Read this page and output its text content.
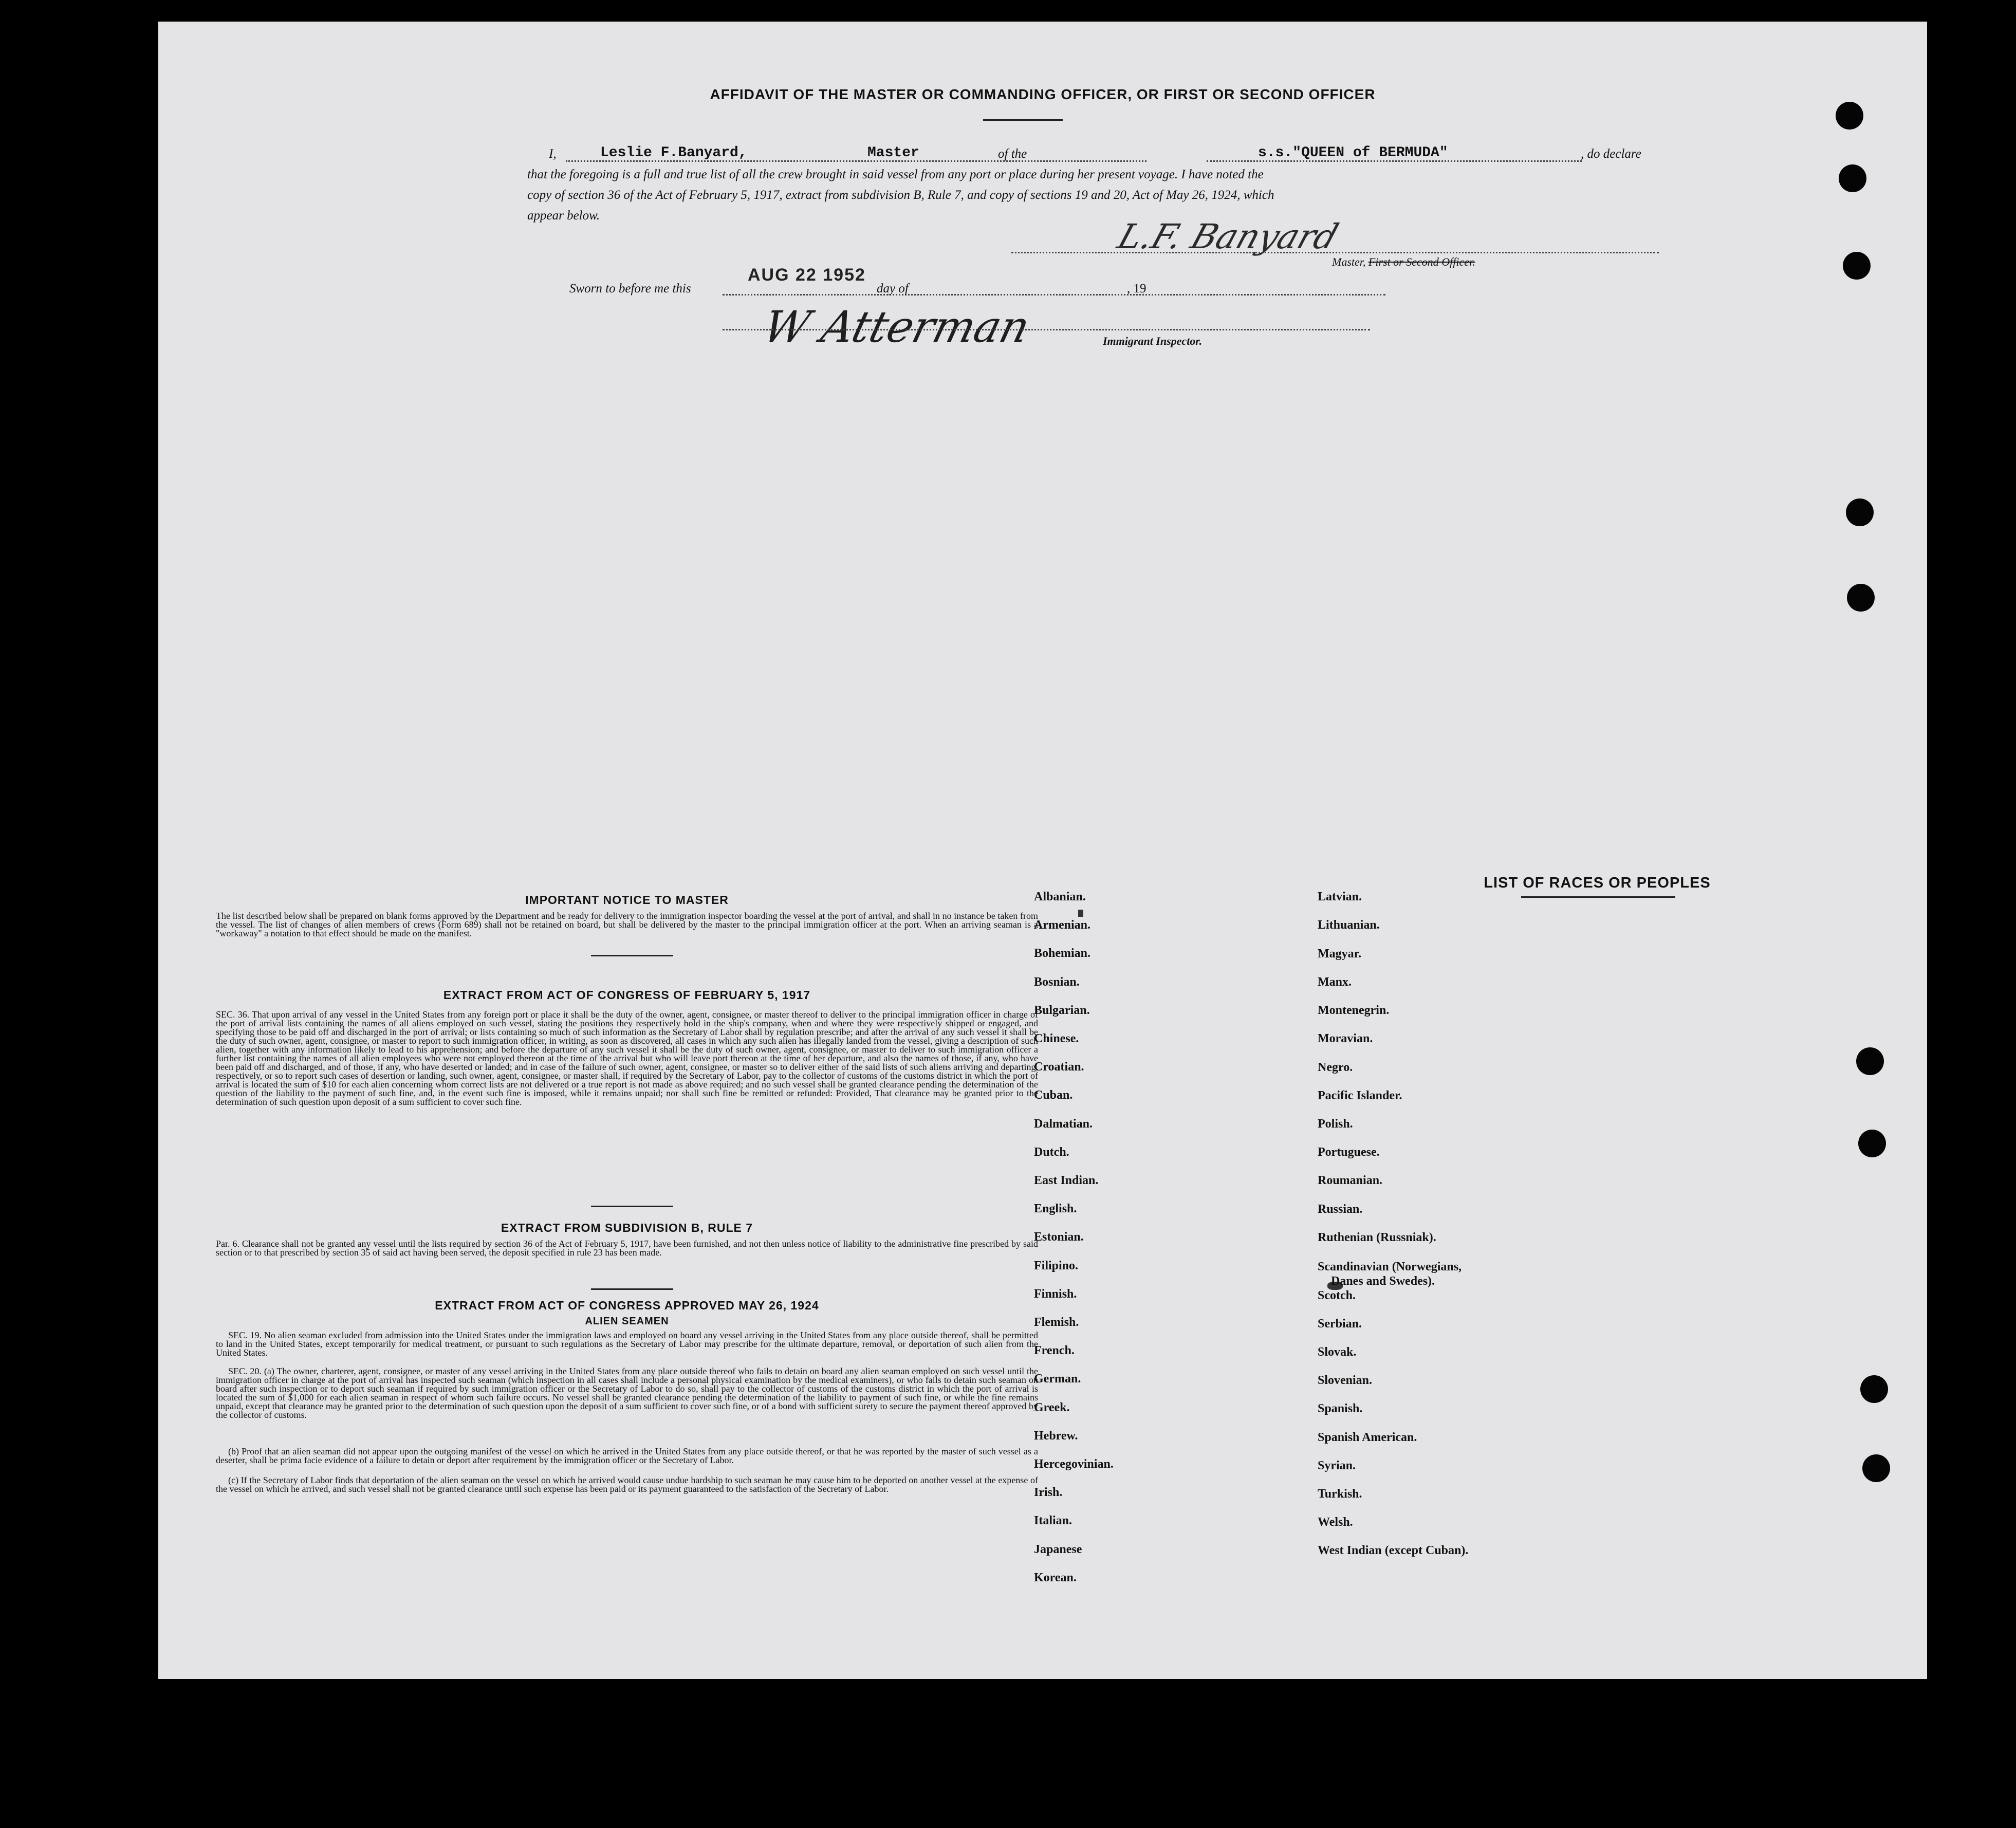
AFFIDAVIT OF THE MASTER OR COMMANDING OFFICER, OR FIRST OR SECOND OFFICER
I,	Leslie F.Banyard,	Master	of the	s.s."QUEEN of BERMUDA"	, do declare
that the foregoing is a full and true list of all the crew brought in said vessel from any port or place during her present voyage. I have noted the
copy of section 36 of the Act of February 5, 1917, extract from subdivision B, Rule 7, and copy of sections 19 and 20, Act of May 26, 1924, which
appear below.
L.F. Banyard
Master, First or Second Officer.
Sworn to before me this
AUG 22 1952
day of	, 19
W Atterman	Immigrant Inspector.
IMPORTANT NOTICE TO MASTER
The list described below shall be prepared on blank forms approved by the Department and be ready for delivery to the immigration inspector boarding the vessel at the port of arrival, and shall in no instance be taken from the vessel. The list of changes of alien members of crews (Form 689) shall not be retained on board, but shall be delivered by the master to the principal immigration officer at the port. When an arriving seaman is a "workaway" a notation to that effect should be made on the manifest.
EXTRACT FROM ACT OF CONGRESS OF FEBRUARY 5, 1917
SEC. 36. That upon arrival of any vessel in the United States from any foreign port or place it shall be the duty of the owner, agent, consignee, or master thereof to deliver to the principal immigration officer in charge of the port of arrival lists containing the names of all aliens employed on such vessel, stating the positions they respectively hold in the ship's company, when and where they were respectively shipped or engaged, and specifying those to be paid off and discharged in the port of arrival; or lists containing so much of such information as the Secretary of Labor shall by regulation prescribe; and after the arrival of any such vessel it shall be the duty of such owner, agent, consignee, or master to report to such immigration officer, in writing, as soon as discovered, all cases in which any such alien has illegally landed from the vessel, giving a description of such alien, together with any information likely to lead to his apprehension; and before the departure of any such vessel it shall be the duty of such owner, agent, consignee, or master to deliver to such immigration officer a further list containing the names of all alien employees who were not employed thereon at the time of the arrival but who will leave port thereon at the time of her departure, and also the names of those, if any, who have been paid off and discharged, and of those, if any, who have deserted or landed; and in case of the failure of such owner, agent, consignee, or master so to deliver either of the said lists of such aliens arriving and departing, respectively, or so to report such cases of desertion or landing, such owner, agent, consignee, or master shall, if required by the Secretary of Labor, pay to the collector of customs of the customs district in which the port of arrival is located the sum of $10 for each alien concerning whom correct lists are not delivered or a true report is not made as above required; and no such vessel shall be granted clearance pending the determination of the question of the liability to the payment of such fine, and, in the event such fine is imposed, while it remains unpaid; nor shall such fine be remitted or refunded: Provided, That clearance may be granted prior to the determination of such question upon deposit of a sum sufficient to cover such fine.
EXTRACT FROM SUBDIVISION B, RULE 7
Par. 6. Clearance shall not be granted any vessel until the lists required by section 36 of the Act of February 5, 1917, have been furnished, and not then unless notice of liability to the administrative fine prescribed by said section or to that prescribed by section 35 of said act having been served, the deposit specified in rule 23 has been made.
EXTRACT FROM ACT OF CONGRESS APPROVED MAY 26, 1924
ALIEN SEAMEN
SEC. 19. No alien seaman excluded from admission into the United States under the immigration laws and employed on board any vessel arriving in the United States from any place outside thereof, shall be permitted to land in the United States, except temporarily for medical treatment, or pursuant to such regulations as the Secretary of Labor may prescribe for the ultimate departure, removal, or deportation of such alien from the United States.
SEC. 20. (a) The owner, charterer, agent, consignee, or master of any vessel arriving in the United States from any place outside thereof who fails to detain on board any alien seaman employed on such vessel until the immigration officer in charge at the port of arrival has inspected such seaman (which inspection in all cases shall include a personal physical examination by the medical examiners), or who fails to detain such seaman on board after such inspection or to deport such seaman if required by such immigration officer or the Secretary of Labor to do so, shall pay to the collector of customs of the customs district in which the port of arrival is located the sum of $1,000 for each alien seaman in respect of whom such failure occurs. No vessel shall be granted clearance pending the determination of the liability to payment of such fine, or while the fine remains unpaid, except that clearance may be granted prior to the determination of such question upon the deposit of a sum sufficient to cover such fine, or of a bond with sufficient surety to secure the payment thereof approved by the collector of customs.
(b) Proof that an alien seaman did not appear upon the outgoing manifest of the vessel on which he arrived in the United States from any place outside thereof, or that he was reported by the master of such vessel as a deserter, shall be prima facie evidence of a failure to detain or deport after requirement by the immigration officer or the Secretary of Labor.
(c) If the Secretary of Labor finds that deportation of the alien seaman on the vessel on which he arrived would cause undue hardship to such seaman he may cause him to be deported on another vessel at the expense of the vessel on which he arrived, and such vessel shall not be granted clearance until such expense has been paid or its payment guaranteed to the satisfaction of the Secretary of Labor.
LIST OF RACES OR PEOPLES
Albanian.
Armenian.
Bohemian.
Bosnian.
Bulgarian.
Chinese.
Croatian.
Cuban.
Dalmatian.
Dutch.
East Indian.
English.
Estonian.
Filipino.
Finnish.
Flemish.
French.
German.
Greek.
Hebrew.
Hercegovinian.
Irish.
Italian.
Japanese
Korean.
Latvian.
Lithuanian.
Magyar.
Manx.
Montenegrin.
Moravian.
Negro.
Pacific Islander.
Polish.
Portuguese.
Roumanian.
Russian.
Ruthenian (Russniak).
Scandinavian (Norwegians,
Danes and Swedes).
Scotch.
Serbian.
Slovak.
Slovenian.
Spanish.
Spanish American.
Syrian.
Turkish.
Welsh.
West Indian (except Cuban).
